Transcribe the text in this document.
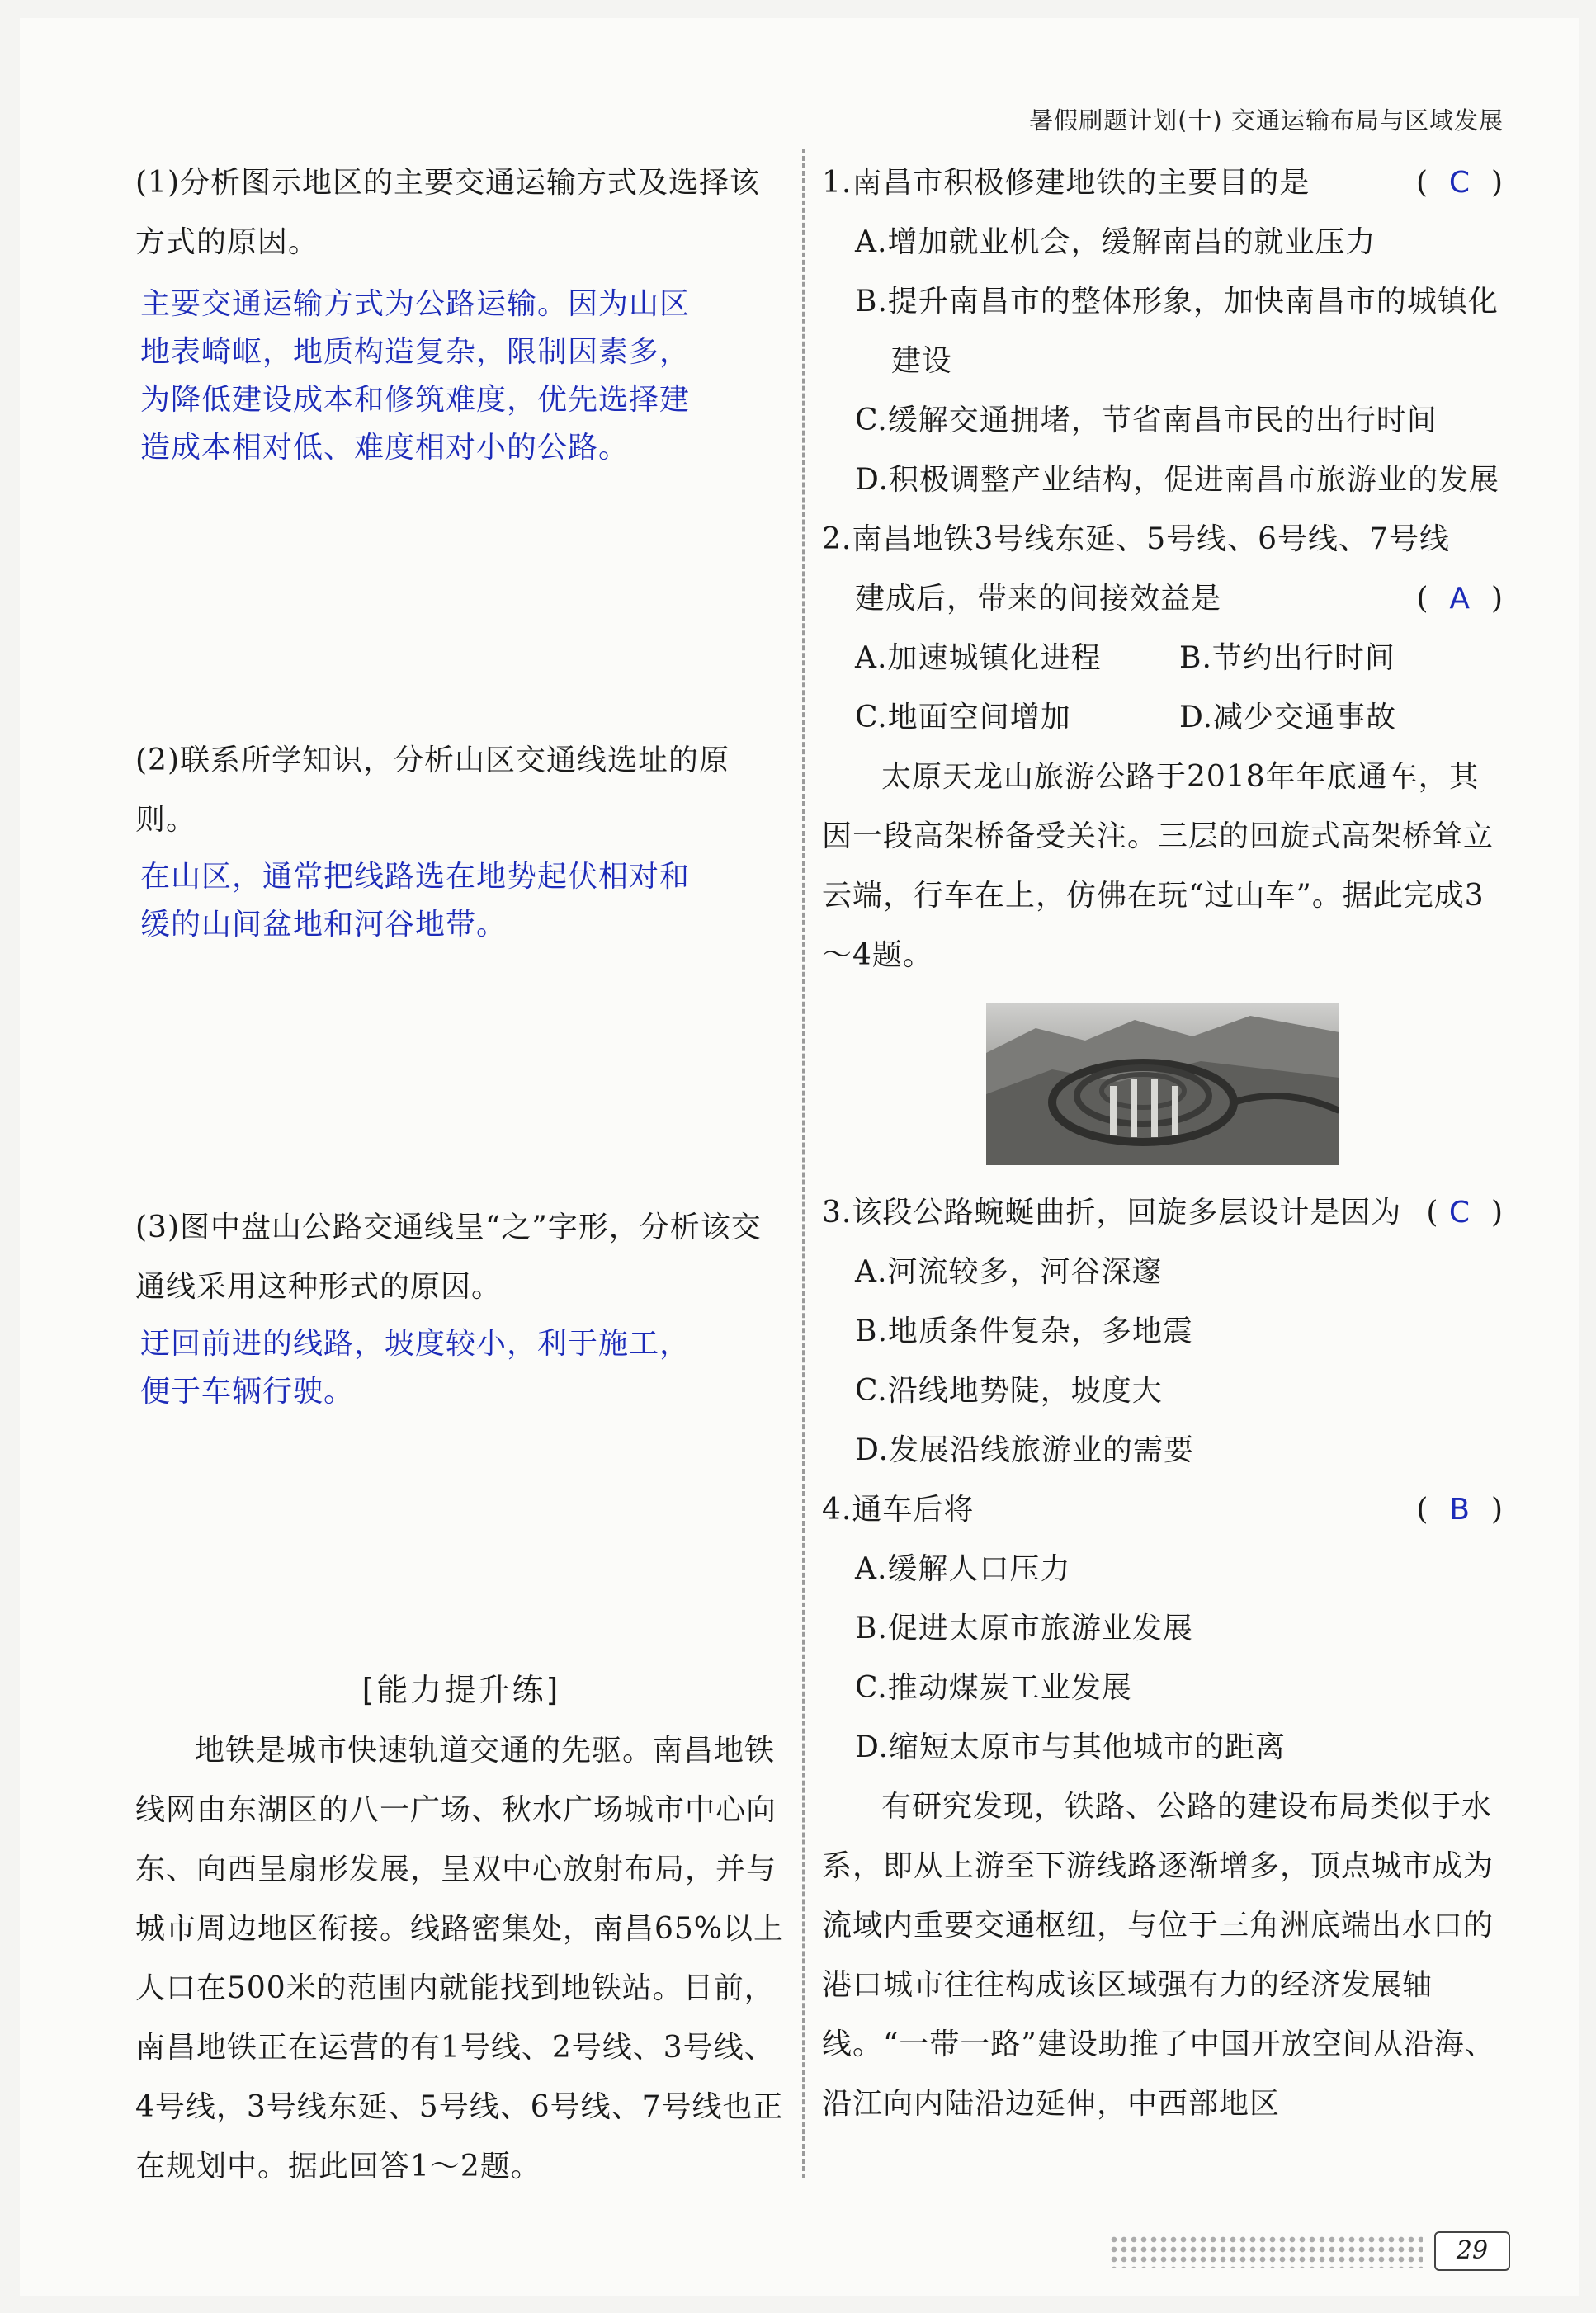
暑假刷题计划(十) 交通运输布局与区域发展

(1)分析图示地区的主要交通运输方式及选择该方式的原因。

主要交通运输方式为公路运输。因为山区

地表崎岖，地质构造复杂，限制因素多，

为降低建设成本和修筑难度，优先选择建

造成本相对低、难度相对小的公路。

(2)联系所学知识，分析山区交通线选址的原则。

在山区，通常把线路选在地势起伏相对和

缓的山间盆地和河谷地带。

(3)图中盘山公路交通线呈“之”字形，分析该交通线采用这种形式的原因。

迂回前进的线路，坡度较小，利于施工，

便于车辆行驶。

[能力提升练]

地铁是城市快速轨道交通的先驱。南昌地铁线网由东湖区的八一广场、秋水广场城市中心向东、向西呈扇形发展，呈双中心放射布局，并与城市周边地区衔接。线路密集处，南昌65%以上人口在500米的范围内就能找到地铁站。目前，南昌地铁正在运营的有1号线、2号线、3号线、4号线，3号线东延、5号线、6号线、7号线也正在规划中。据此回答1～2题。

1.南昌市积极修建地铁的主要目的是	(  C  )

A.增加就业机会，缓解南昌的就业压力

B.提升南昌市的整体形象，加快南昌市的城镇化建设

C.缓解交通拥堵，节省南昌市民的出行时间

D.积极调整产业结构，促进南昌市旅游业的发展

2.南昌地铁3号线东延、5号线、6号线、7号线

建成后，带来的间接效益是	(  A  )
A.加速城镇化进程	B.节约出行时间
C.地面空间增加	D.减少交通事故

太原天龙山旅游公路于2018年年底通车，其因一段高架桥备受关注。三层的回旋式高架桥耸立云端，行车在上，仿佛在玩“过山车”。据此完成3～4题。

3.该段公路蜿蜒曲折，回旋多层设计是因为 ( C  )

A.河流较多，河谷深邃

B.地质条件复杂，多地震

C.沿线地势陡，坡度大

D.发展沿线旅游业的需要

4.通车后将	(  B  )

A.缓解人口压力

B.促进太原市旅游业发展

C.推动煤炭工业发展

D.缩短太原市与其他城市的距离

有研究发现，铁路、公路的建设布局类似于水系，即从上游至下游线路逐渐增多，顶点城市成为流域内重要交通枢纽，与位于三角洲底端出水口的港口城市往往构成该区域强有力的经济发展轴线。“一带一路”建设助推了中国开放空间从沿海、沿江向内陆沿边延伸，中西部地区

29
